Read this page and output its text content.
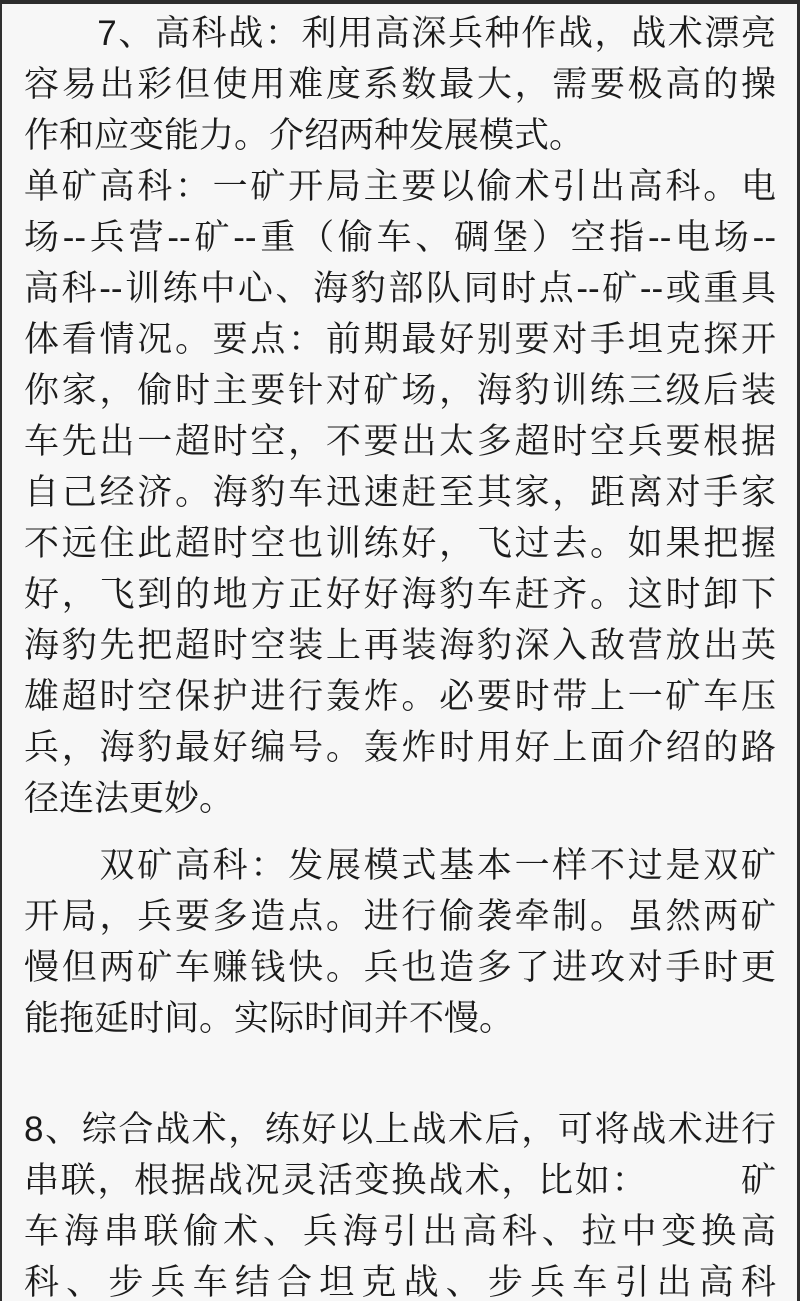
　　7、高科战：利用高深兵种作战，战术漂亮
容易出彩但使用难度系数最大，需要极高的操
作和应变能力。介绍两种发展模式。
单矿高科：一矿开局主要以偷术引出高科。电
场--兵营--矿--重（偷车、碉堡）空指--电场--
高科--训练中心、海豹部队同时点--矿--或重具
体看情况。要点：前期最好别要对手坦克探开
你家，偷时主要针对矿场，海豹训练三级后装
车先出一超时空，不要出太多超时空兵要根据
自己经济。海豹车迅速赶至其家，距离对手家
不远住此超时空也训练好，飞过去。如果把握
好，飞到的地方正好好海豹车赶齐。这时卸下
海豹先把超时空装上再装海豹深入敌营放出英
雄超时空保护进行轰炸。必要时带上一矿车压
兵，海豹最好编号。轰炸时用好上面介绍的路
径连法更妙。
　　双矿高科：发展模式基本一样不过是双矿
开局，兵要多造点。进行偷袭牵制。虽然两矿
慢但两矿车赚钱快。兵也造多了进攻对手时更
能拖延时间。实际时间并不慢。
8、综合战术，练好以上战术后，可将战术进行
串联，根据战况灵活变换战术，比如：　　　矿
车海串联偷术、兵海引出高科、拉中变换高
科、步兵车结合坦克战、步兵车引出高科
